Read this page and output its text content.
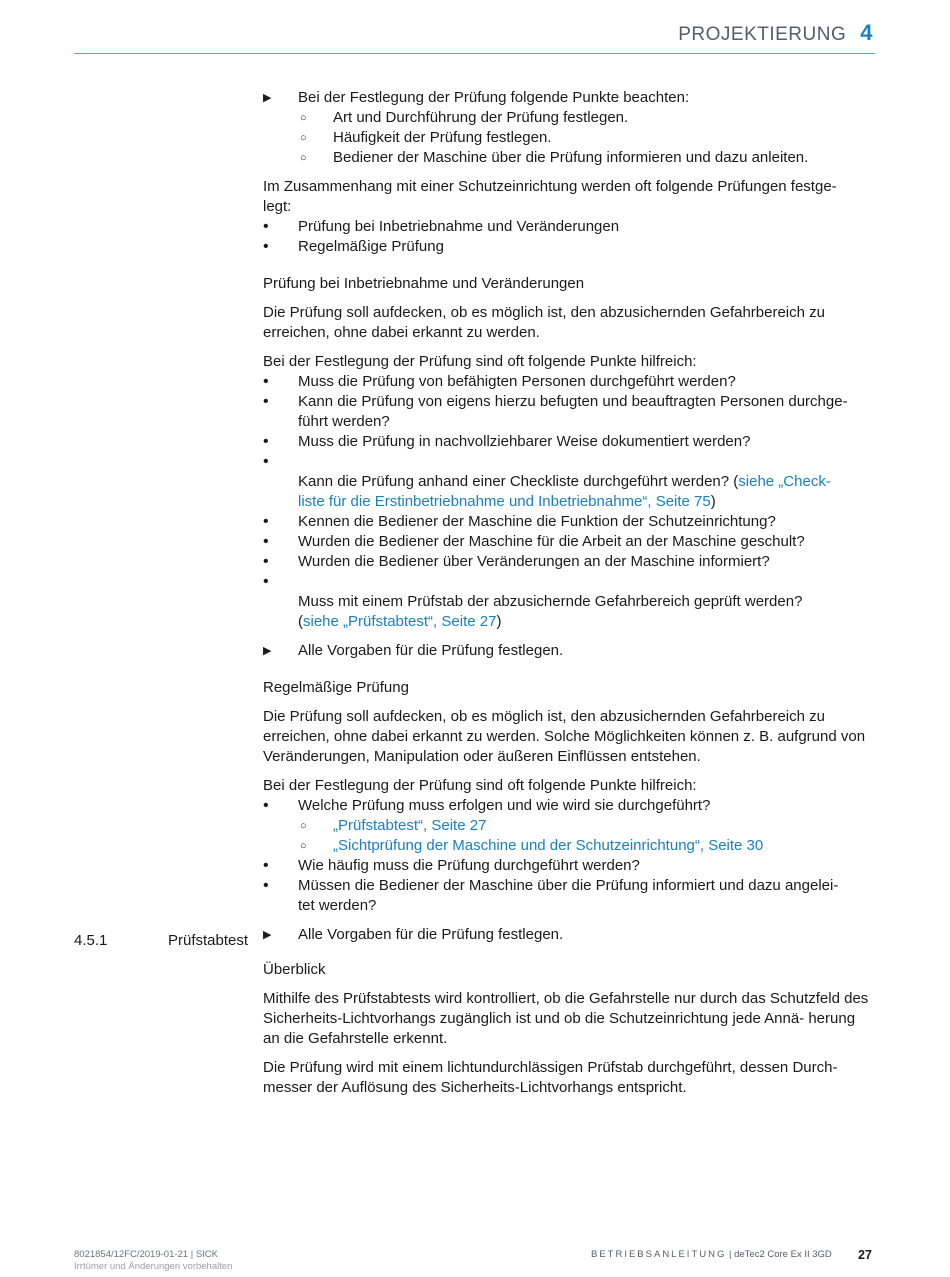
PROJEKTIERUNG 4
▶	Bei der Festlegung der Prüfung folgende Punkte beachten:
○	Art und Durchführung der Prüfung festlegen.
○	Häufigkeit der Prüfung festlegen.
○	Bediener der Maschine über die Prüfung informieren und dazu anleiten.

Im Zusammenhang mit einer Schutzeinrichtung werden oft folgende Prüfungen festge-
legt:

•	Prüfung bei Inbetriebnahme und Veränderungen
•	Regelmäßige Prüfung

Prüfung bei Inbetriebnahme und Veränderungen

Die Prüfung soll aufdecken, ob es möglich ist, den abzusichernden Gefahrbereich zu erreichen, ohne dabei erkannt zu werden.

Bei der Festlegung der Prüfung sind oft folgende Punkte hilfreich:

•	Muss die Prüfung von befähigten Personen durchgeführt werden?
•	Kann die Prüfung von eigens hierzu befugten und beauftragten Personen durchge-
führt werden?
•	Muss die Prüfung in nachvollziehbarer Weise dokumentiert werden?

•
Kann die Prüfung anhand einer Checkliste durchgeführt werden? (siehe „Check-
liste für die Erstinbetriebnahme und Inbetriebnahme“, Seite 75)

•	Kennen die Bediener der Maschine die Funktion der Schutzeinrichtung?
•	Wurden die Bediener der Maschine für die Arbeit an der Maschine geschult?
•	Wurden die Bediener über Veränderungen an der Maschine informiert?

•
Muss mit einem Prüfstab der abzusichernde Gefahrbereich geprüft werden?
(siehe „Prüfstabtest“, Seite 27)

▶	Alle Vorgaben für die Prüfung festlegen.

Regelmäßige Prüfung

Die Prüfung soll aufdecken, ob es möglich ist, den abzusichernden Gefahrbereich zu erreichen, ohne dabei erkannt zu werden. Solche Möglichkeiten können z. B. aufgrund von Veränderungen, Manipulation oder äußeren Einflüssen entstehen.

Bei der Festlegung der Prüfung sind oft folgende Punkte hilfreich:

•	Welche Prüfung muss erfolgen und wie wird sie durchgeführt?
○	„Prüfstabtest“, Seite 27
○	„Sichtprüfung der Maschine und der Schutzeinrichtung“, Seite 30
•	Wie häufig muss die Prüfung durchgeführt werden?
•	Müssen die Bediener der Maschine über die Prüfung informiert und dazu angelei-
tet werden?
▶	Alle Vorgaben für die Prüfung festlegen.
4.5.1	Prüfstabtest

Überblick

Mithilfe des Prüfstabtests wird kontrolliert, ob die Gefahrstelle nur durch das Schutzfeld des Sicherheits-Lichtvorhangs zugänglich ist und ob die Schutzeinrichtung jede Annä- herung an die Gefahrstelle erkennt.

Die Prüfung wird mit einem lichtundurchlässigen Prüfstab durchgeführt, dessen Durch- messer der Auflösung des Sicherheits-Lichtvorhangs entspricht.

8021854/12FC/2019-01-21 | SICK
Irrtümer und Änderungen vorbehalten
BETRIEBSANLEITUNG | deTec2 Core Ex II 3GD 27
